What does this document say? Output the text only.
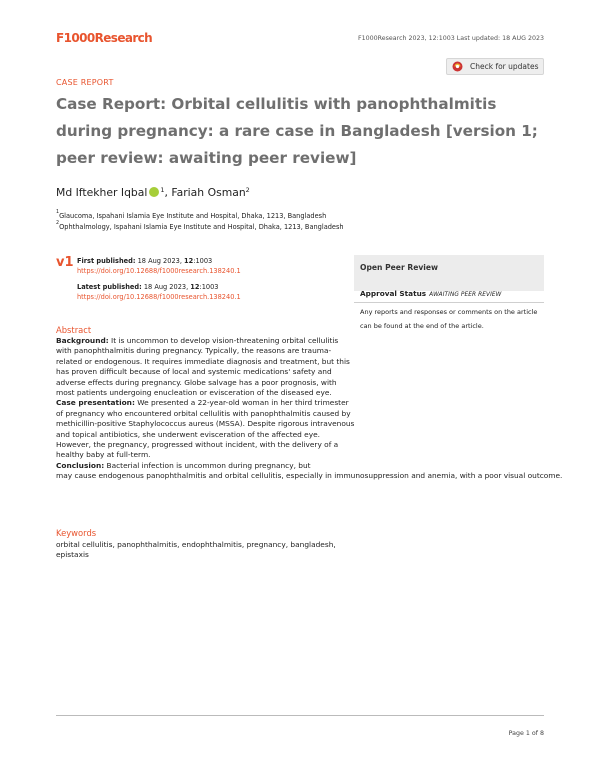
F1000Research	F1000Research 2023, 12:1003 Last updated: 18 AUG 2023
Check for updates
CASE REPORT
Case Report: Orbital cellulitis with panophthalmitis during pregnancy: a rare case in Bangladesh [version 1; peer review: awaiting peer review]
Md Iftekher Iqbal $^1$ , Fariah Osman$^2$
$^1$Glaucoma, Ispahani Islamia Eye Institute and Hospital, Dhaka, 1213, Bangladesh
$^2$Ophthalmology, Ispahani Islamia Eye Institute and Hospital, Dhaka, 1213, Bangladesh
v1 First published: 18 Aug 2023, 12:1003
https://doi.org/10.12688/f1000research.138240.1
Latest published: 18 Aug 2023, 12:1003
https://doi.org/10.12688/f1000research.138240.1
Open Peer Review
Approval Status AWAITING PEER REVIEW
Any reports and responses or comments on the article can be found at the end of the article.
Abstract

Background: It is uncommon to develop vision-threatening orbital cellulitis with panophthalmitis during pregnancy. Typically, the reasons are trauma-related or endogenous. It requires immediate diagnosis and treatment, but this has proven difficult because of local and systemic medications' safety and adverse effects during pregnancy. Globe salvage has a poor prognosis, with most patients undergoing enucleation or evisceration of the diseased eye.

Case presentation: We presented a 22-year-old woman in her third trimester of pregnancy who encountered orbital cellulitis with panophthalmitis caused by methicillin-positive Staphylococcus aureus (MSSA). Despite rigorous intravenous and topical antibiotics, she underwent evisceration of the affected eye. However, the pregnancy, progressed without incident, with the delivery of a healthy baby at full-term.

Conclusion: Bacterial infection is uncommon during pregnancy, but

may cause endogenous panophthalmitis and orbital cellulitis, especially in immunosuppression and anemia, with a poor visual outcome.

Keywords
orbital cellulitis, panophthalmitis, endophthalmitis, pregnancy, bangladesh, epistaxis
Page 1 of 8
